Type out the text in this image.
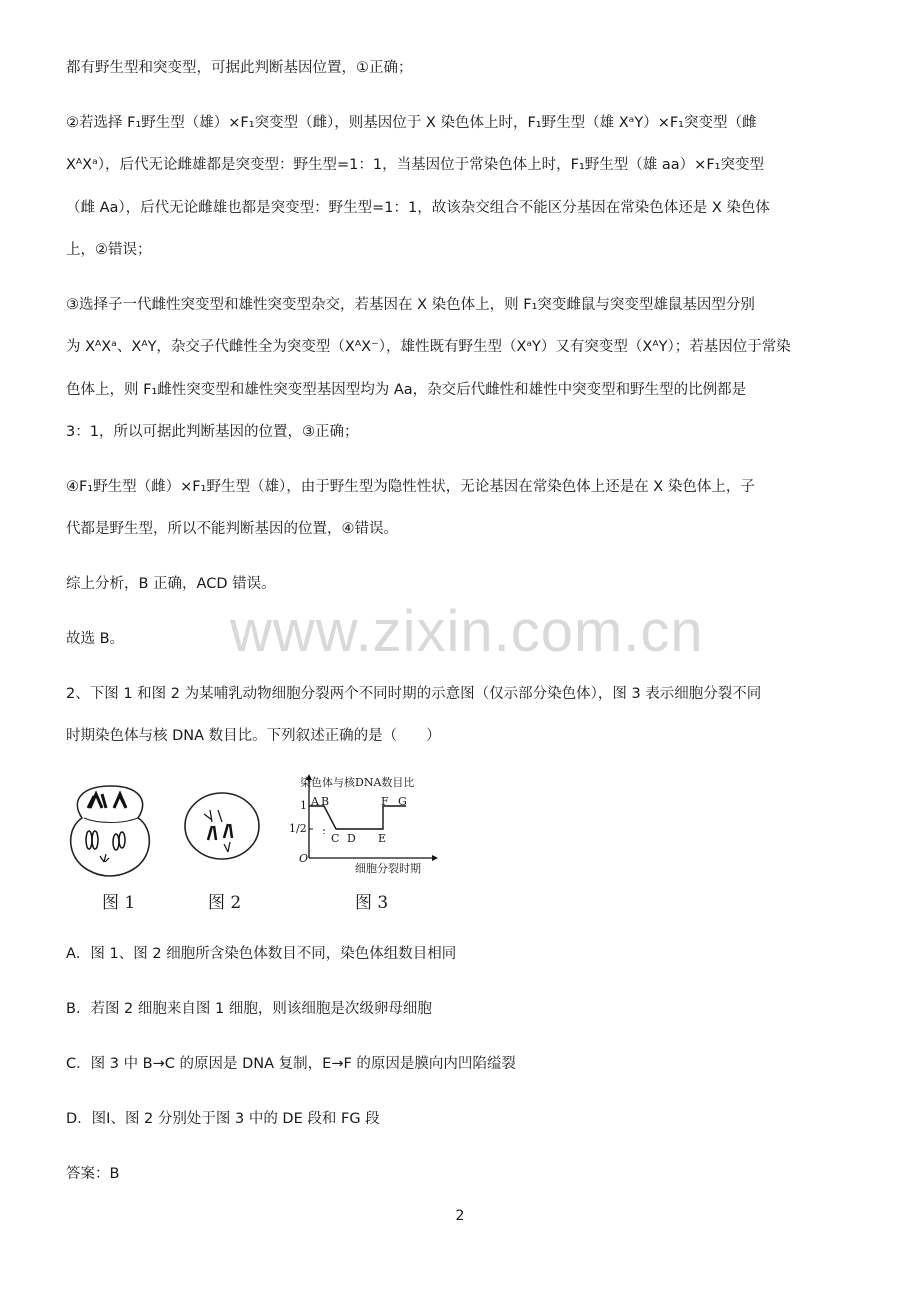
都有野生型和突变型，可据此判断基因位置，①正确；
②若选择 F₁野生型（雄）×F₁突变型（雌），则基因位于 X 染色体上时，F₁野生型（雄 XᵃY）×F₁突变型（雌
XᴬXᵃ），后代无论雌雄都是突变型：野生型=1：1，当基因位于常染色体上时，F₁野生型（雄 aa）×F₁突变型
（雌 Aa），后代无论雌雄也都是突变型：野生型=1：1，故该杂交组合不能区分基因在常染色体还是 X 染色体
上，②错误；
③选择子一代雌性突变型和雄性突变型杂交，若基因在 X 染色体上，则 F₁突变雌鼠与突变型雄鼠基因型分别
为 XᴬXᵃ、XᴬY，杂交子代雌性全为突变型（XᴬX⁻），雄性既有野生型（XᵃY）又有突变型（XᴬY）；若基因位于常染
色体上，则 F₁雌性突变型和雄性突变型基因型均为 Aa，杂交后代雌性和雄性中突变型和野生型的比例都是
3：1，所以可据此判断基因的位置，③正确；
④F₁野生型（雌）×F₁野生型（雄），由于野生型为隐性性状，无论基因在常染色体上还是在 X 染色体上，子
代都是野生型，所以不能判断基因的位置，④错误。
综上分析，B 正确，ACD 错误。
故选 B。
2、下图 1 和图 2 为某哺乳动物细胞分裂两个不同时期的示意图（仅示部分染色体），图 3 表示细胞分裂不同
时期染色体与核 DNA 数目比。下列叙述正确的是（　　）
图 1	图 2
染色体与核DNA数目比
细胞分裂时期
1
1/2
O
A B
C D E
F G
图 3
A．图 1、图 2 细胞所含染色体数目不同，染色体组数目相同
B．若图 2 细胞来自图 1 细胞，则该细胞是次级卵母细胞
C．图 3 中 B→C 的原因是 DNA 复制，E→F 的原因是膜向内凹陷缢裂
D．图Ⅰ、图 2 分别处于图 3 中的 DE 段和 FG 段
答案：B
www.zixin.com.cn
2
